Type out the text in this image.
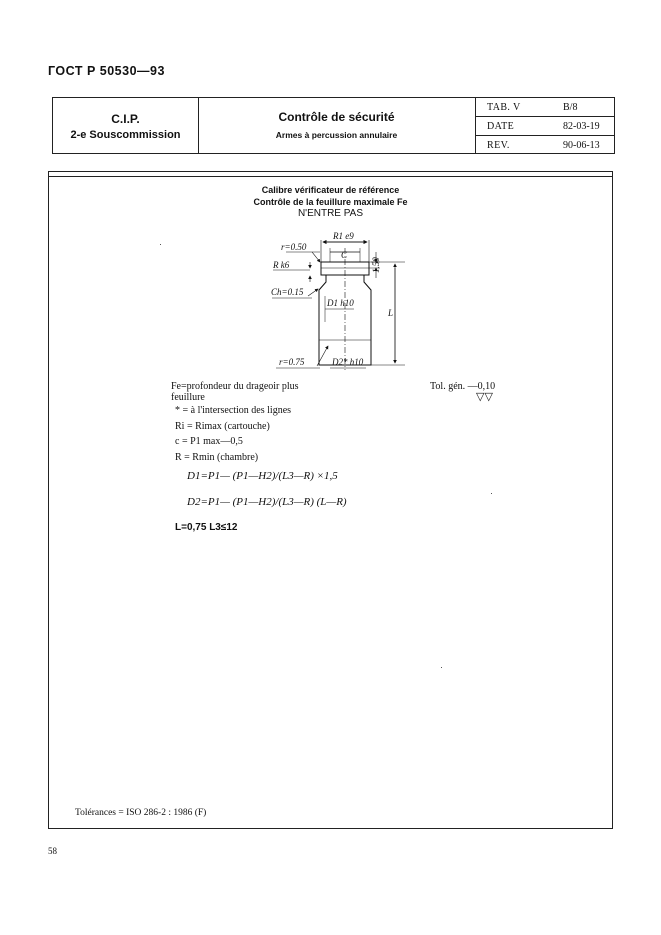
ГОСТ Р 50530—93
C.I.P.
2-e Souscommission
Contrôle de sécurité
Armes à percussion annulaire
TAB. V	B/8
DATE	82-03-19
REV.	90-06-13
Calibre vérificateur de référence
Contrôle de la feuillure maximale Fe
N'ENTRE PAS
R1 e9
C
r=0.50
R k6	1.50
Ch=0.15
D1 h10
L
r=0.75	D2* h10
Fe=profondeur du drageoir plus
feuillure
Tol. gén. —0,10
▽▽
* = à l'intersection des lignes
Ri = Rimax (cartouche)
c = P1 max—0,5
R = Rmin (chambre)
D1=P1— (P1—H2)/(L3—R) ×1,5
D2=P1— (P1—H2)/(L3—R) (L—R)
L=0,75 L3≤12
Tolérances = ISO 286-2 : 1986 (F)
58
